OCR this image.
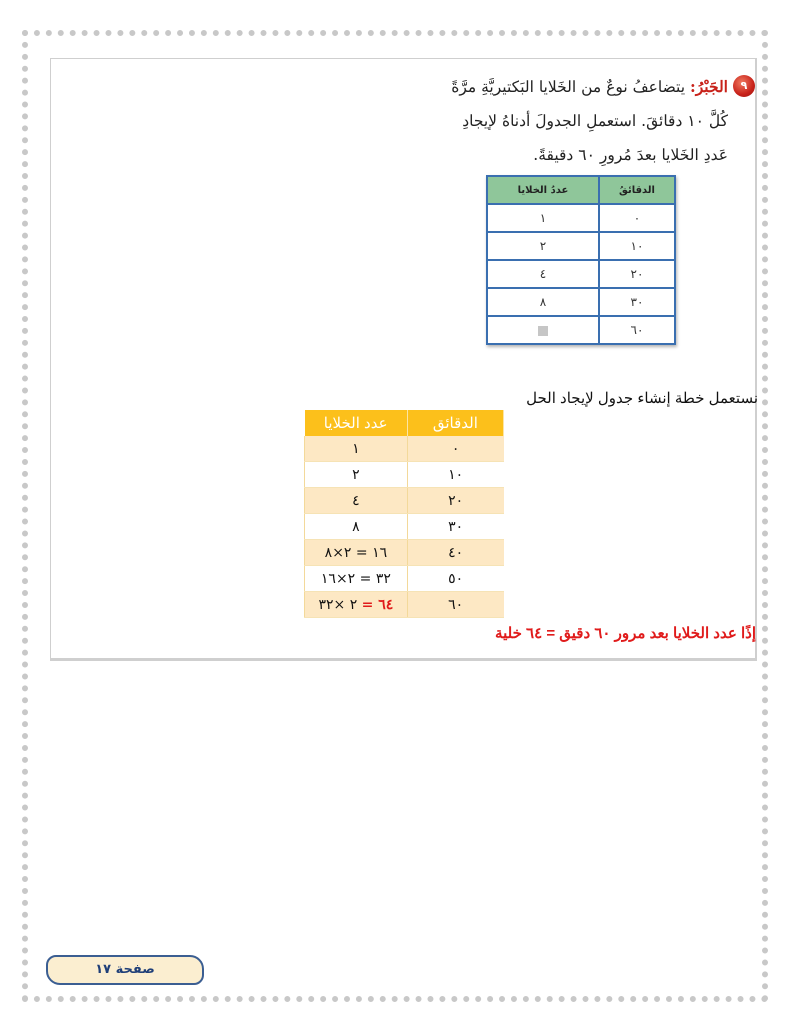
٩
الجَبْرُ: يتضاعفُ نوعٌ من الخَلايا البَكتيريَّةِ مرَّةً
كُلَّ ١٠ دقائقَ. استعملِ الجدولَ أدناهُ لإيجادِ
عَددِ الخَلايا بعدَ مُرورِ ٦٠ دقيقةً.
الدقائقُ	عددُ الخلايا
٠	١
١٠	٢
٢٠	٤
٣٠	٨
٦٠	
نستعمل خطة إنشاء جدول لإيجاد الحل
الدقائق	عدد الخلايا
٠	١
١٠	٢
٢٠	٤
٣٠	٨
٤٠	١٦ = ٢×٨
٥٠	٣٢ = ٢×١٦
٦٠	٦٤ = ٢ ×٣٢
إذًا عدد الخلايا بعد مرور ٦٠ دقيق = ٦٤ خلية
صفحة ١٧
